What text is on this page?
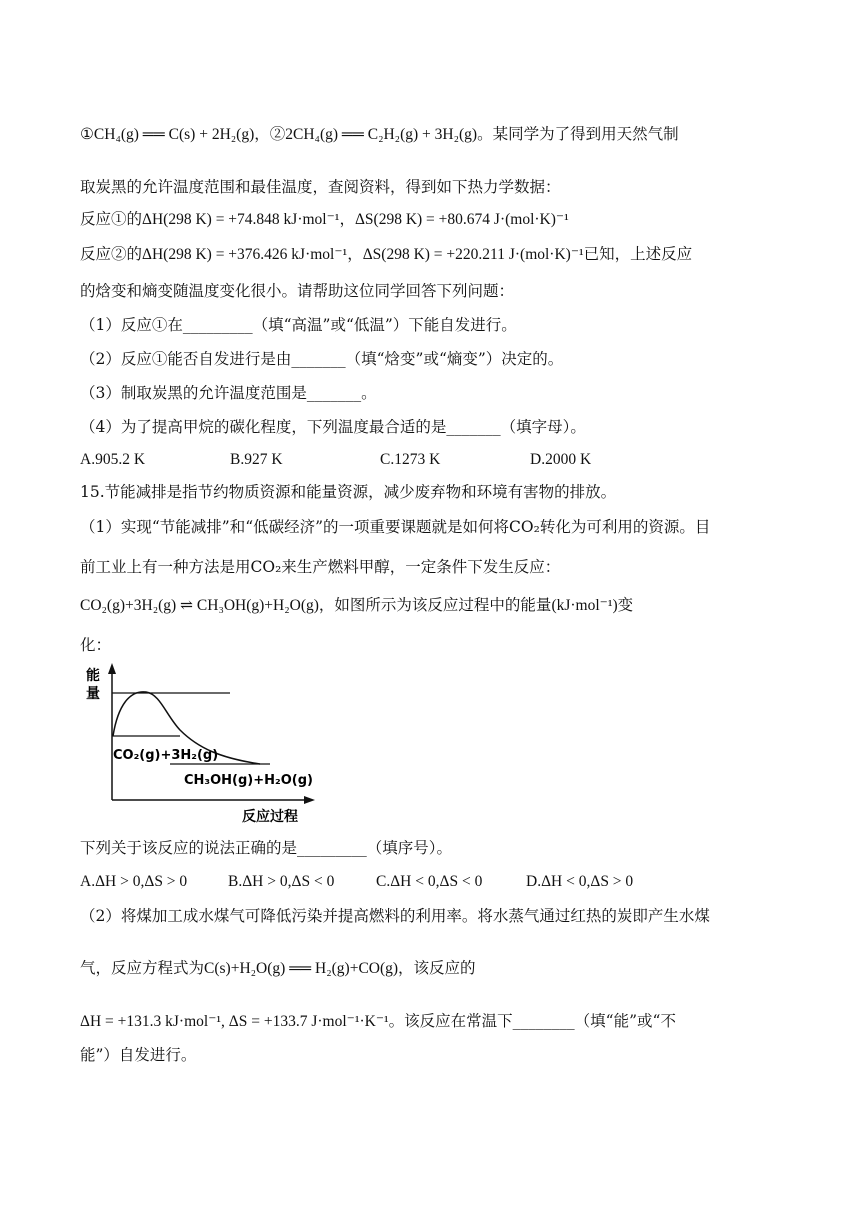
①CH₄(g) ══ C(s) + 2H₂(g)，②2CH₄(g) ══ C₂H₂(g) + 3H₂(g)。某同学为了得到用天然气制
取炭黑的允许温度范围和最佳温度，查阅资料，得到如下热力学数据：
反应①的ΔH(298 K) = +74.848 kJ·mol⁻¹，ΔS(298 K) = +80.674 J·(mol·K)⁻¹
反应②的ΔH(298 K) = +376.426 kJ·mol⁻¹，ΔS(298 K) = +220.211 J·(mol·K)⁻¹已知，上述反应
的焓变和熵变随温度变化很小。请帮助这位同学回答下列问题：
（1）反应①在_________（填“高温”或“低温”）下能自发进行。
（2）反应①能否自发进行是由_______（填“焓变”或“熵变”）决定的。
（3）制取炭黑的允许温度范围是_______。
（4）为了提高甲烷的碳化程度，下列温度最合适的是_______（填字母）。
A.905.2 K	B.927 K	C.1273 K	D.2000 K
15.节能减排是指节约物质资源和能量资源，减少废弃物和环境有害物的排放。
（1）实现“节能减排”和“低碳经济”的一项重要课题就是如何将CO₂转化为可利用的资源。目
前工业上有一种方法是用CO₂来生产燃料甲醇，一定条件下发生反应：
CO₂(g)+3H₂(g) ⇌ CH₃OH(g)+H₂O(g)，如图所示为该反应过程中的能量(kJ·mol⁻¹)变
化：
能
量
CO₂(g)+3H₂(g)
CH₃OH(g)+H₂O(g)
反应过程
下列关于该反应的说法正确的是_________（填序号）。
A.ΔH > 0,ΔS > 0	B.ΔH > 0,ΔS < 0	C.ΔH < 0,ΔS < 0	D.ΔH < 0,ΔS > 0
（2）将煤加工成水煤气可降低污染并提高燃料的利用率。将水蒸气通过红热的炭即产生水煤
气，反应方程式为C(s)+H₂O(g) ══ H₂(g)+CO(g)，该反应的
ΔH = +131.3 kJ·mol⁻¹, ΔS = +133.7 J·mol⁻¹·K⁻¹。该反应在常温下________（填“能”或“不
能”）自发进行。
